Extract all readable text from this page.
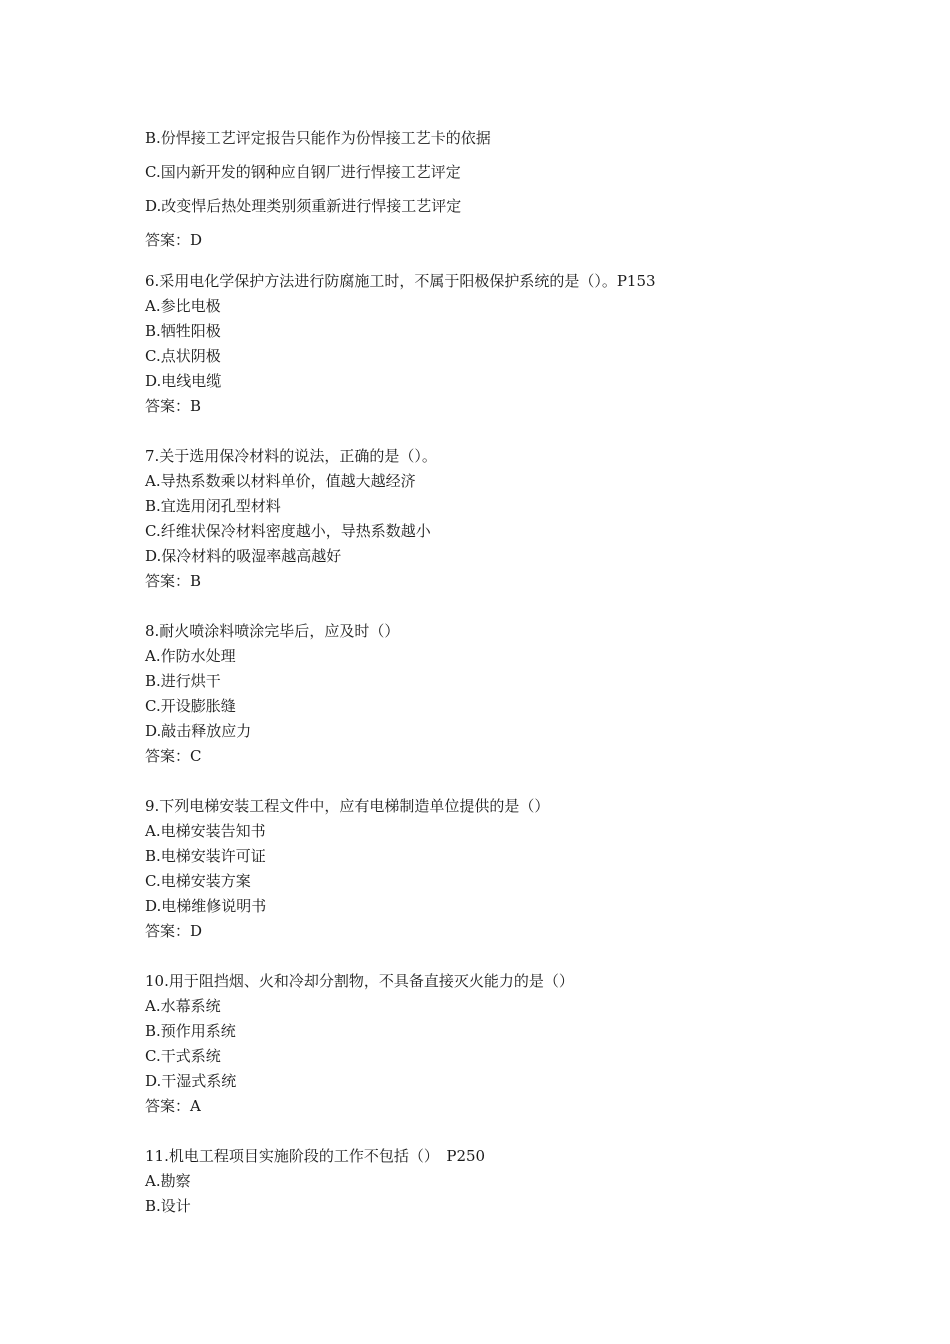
B.份悍接工艺评定报告只能作为份悍接工艺卡的依据
C.国内新开发的钢种应自钢厂进行悍接工艺评定
D.改变悍后热处理类别须重新进行悍接工艺评定
答案：D
6.采用电化学保护方法进行防腐施工时，不属于阳极保护系统的是（）。P153
A.参比电极
B.牺牲阳极
C.点状阴极
D.电线电缆
答案：B
7.关于选用保冷材料的说法，正确的是（）。
A.导热系数乘以材料单价，值越大越经济
B.宜选用闭孔型材料
C.纤维状保冷材料密度越小，导热系数越小
D.保冷材料的吸湿率越高越好
答案：B
8.耐火喷涂料喷涂完毕后，应及时（）
A.作防水处理
B.进行烘干
C.开设膨胀缝
D.敲击释放应力
答案：C
9.下列电梯安装工程文件中，应有电梯制造单位提供的是（）
A.电梯安装告知书
B.电梯安装许可证
C.电梯安装方案
D.电梯维修说明书
答案：D
10.用于阻挡烟、火和冷却分割物，不具备直接灭火能力的是（）
A.水幕系统
B.预作用系统
C.干式系统
D.干湿式系统
答案：A
11.机电工程项目实施阶段的工作不包括（）　P250
A.勘察
B.设计
